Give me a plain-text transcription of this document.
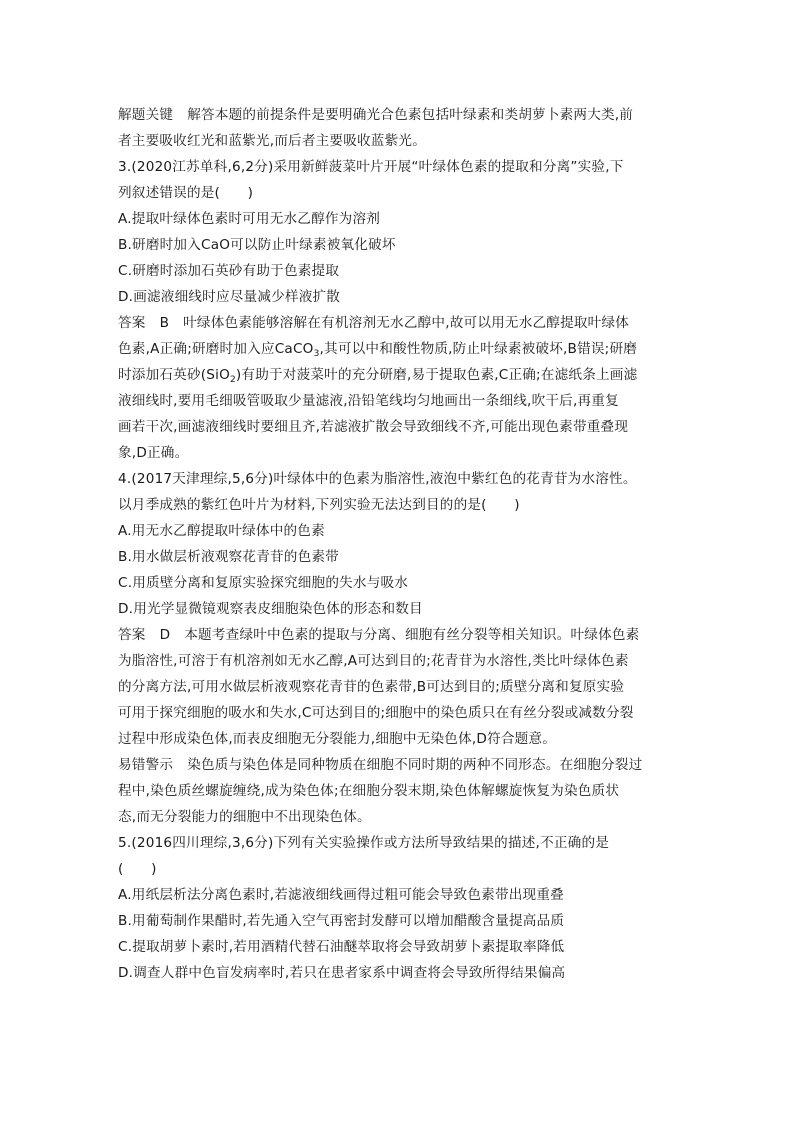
解题关键 解答本题的前提条件是要明确光合色素包括叶绿素和类胡萝卜素两大类,前
者主要吸收红光和蓝紫光,而后者主要吸收蓝紫光。
3.(2020江苏单科,6,2分)采用新鲜菠菜叶片开展“叶绿体色素的提取和分离”实验,下
列叙述错误的是(　　)
A.提取叶绿体色素时可用无水乙醇作为溶剂
B.研磨时加入CaO可以防止叶绿素被氧化破坏
C.研磨时添加石英砂有助于色素提取
D.画滤液细线时应尽量减少样液扩散
答案 B 叶绿体色素能够溶解在有机溶剂无水乙醇中,故可以用无水乙醇提取叶绿体
色素,A正确;研磨时加入应CaCO$_3$,其可以中和酸性物质,防止叶绿素被破坏,B错误;研磨
时添加石英砂(SiO$_2$)有助于对菠菜叶的充分研磨,易于提取色素,C正确;在滤纸条上画滤
液细线时,要用毛细吸管吸取少量滤液,沿铅笔线均匀地画出一条细线,吹干后,再重复
画若干次,画滤液细线时要细且齐,若滤液扩散会导致细线不齐,可能出现色素带重叠现
象,D正确。
4.(2017天津理综,5,6分)叶绿体中的色素为脂溶性,液泡中紫红色的花青苷为水溶性。
以月季成熟的紫红色叶片为材料,下列实验无法达到目的的是(　　)
A.用无水乙醇提取叶绿体中的色素
B.用水做层析液观察花青苷的色素带
C.用质壁分离和复原实验探究细胞的失水与吸水
D.用光学显微镜观察表皮细胞染色体的形态和数目
答案 D 本题考查绿叶中色素的提取与分离、细胞有丝分裂等相关知识。叶绿体色素
为脂溶性,可溶于有机溶剂如无水乙醇,A可达到目的;花青苷为水溶性,类比叶绿体色素
的分离方法,可用水做层析液观察花青苷的色素带,B可达到目的;质壁分离和复原实验
可用于探究细胞的吸水和失水,C可达到目的;细胞中的染色质只在有丝分裂或减数分裂
过程中形成染色体,而表皮细胞无分裂能力,细胞中无染色体,D符合题意。
易错警示 染色质与染色体是同种物质在细胞不同时期的两种不同形态。在细胞分裂过
程中,染色质丝螺旋缠绕,成为染色体;在细胞分裂末期,染色体解螺旋恢复为染色质状
态,而无分裂能力的细胞中不出现染色体。
5.(2016四川理综,3,6分)下列有关实验操作或方法所导致结果的描述,不正确的是
(　　)
A.用纸层析法分离色素时,若滤液细线画得过粗可能会导致色素带出现重叠
B.用葡萄制作果醋时,若先通入空气再密封发酵可以增加醋酸含量提高品质
C.提取胡萝卜素时,若用酒精代替石油醚萃取将会导致胡萝卜素提取率降低
D.调查人群中色盲发病率时,若只在患者家系中调查将会导致所得结果偏高
